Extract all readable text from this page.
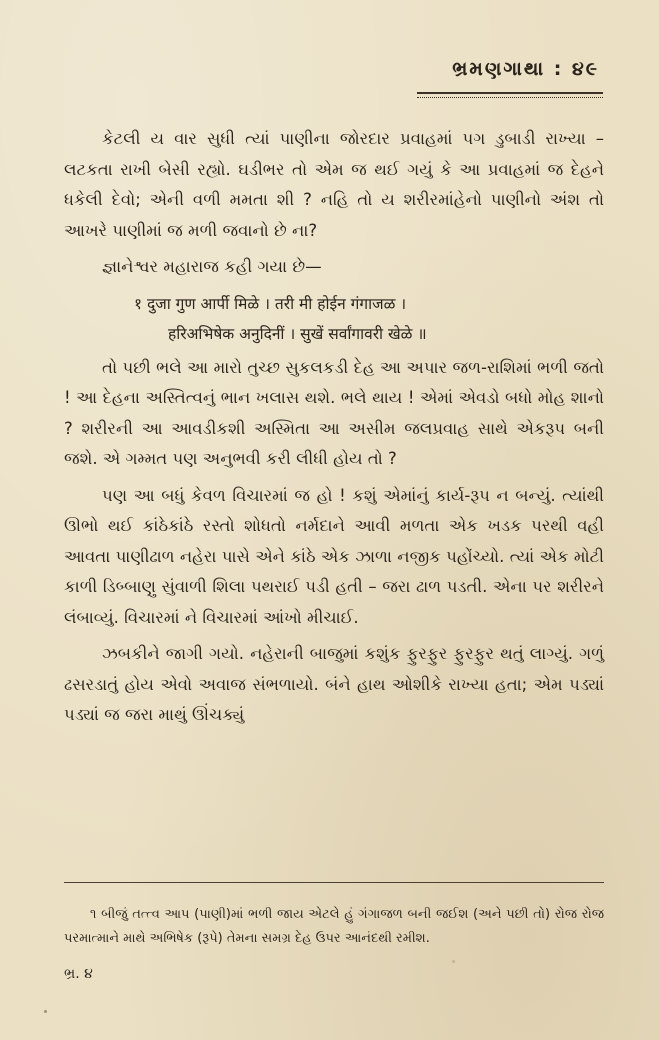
ભ્રમણગાથા : ૪૯

કેટલી ય વાર સુધી ત્યાં પાણીના જોરદાર પ્રવાહમાં પગ ડુબાડી રાખ્યા – લટકતા રાખી બેસી રહ્યો. ઘડીભર તો એમ જ થઈ ગયું કે આ પ્રવાહમાં જ દેહને ધકેલી દેવો; એની વળી મમતા શી ? નહિ તો ય શરીરમાંહેનો પાણીનો અંશ તો આખરે પાણીમાં જ મળી જવાનો છે ના?

જ્ઞાનેશ્વર મહારાજ કહી ગયા છે—

१ दुजा गुण आर्पी मिळे । तरी मी होईन गंगाजळ ।
हरिअभिषेक अनुदिनीं । सुखें सर्वांगावरी खेळे ॥

તો પછી ભલે આ મારો તુચ્છ સુકલકડી દેહ આ અપાર જળ-રાશિમાં ભળી જતો ! આ દેહના અસ્તિત્વનું ભાન ખલાસ થશે. ભલે થાય ! એમાં એવડો બધો મોહ શાનો ? શરીરની આ આવડીકશી અસ્મિતા આ અસીમ જલપ્રવાહ સાથે એકરૂપ બની જશે. એ ગમ્મત પણ અનુભવી કરી લીધી હોય તો ?

પણ આ બધું કેવળ વિચારમાં જ હો ! કશું એમાંનું કાર્ય-રૂપ ન બન્યું. ત્યાંથી ઊભો થઈ કાંઠેકાંઠે રસ્તો શોધતો નર્મદાને આવી મળતા એક ખડક પરથી વહી આવતા પાણીઢાળ નહેરા પાસે એને કાંઠે એક ઝાળા નજીક પહોંચ્યો. ત્યાં એક મોટી કાળી ડિબ્બાણુ સુંવાળી શિલા પથરાઈ પડી હતી – જરા ઢાળ પડતી. એના પર શરીરને લંબાવ્યું. વિચારમાં ને વિચારમાં આંખો મીચાઈ.

ઝબકીને જાગી ગયો. નહેરાની બાજુમાં કશુંક ફુરફુર ફુરફુર થતું લાગ્યું. ગળું ઢસરડાતું હોય એવો અવાજ સંભળાયો. બંને હાથ ઓશીકે રાખ્યા હતા; એમ પડ્યાં પડ્યાં જ જરા માથું ઊંચક્યું

૧ બીજું તત્ત્વ આપ (પાણી)માં ભળી જાય એટલે હું ગંગાજળ બની જઈશ (અને પછી તો) રોજ રોજ પરમાત્માને માથે અભિષેક (રૂપે) તેમના સમગ્ર દેહ ઉપર આનંદથી રમીશ.

ભ્ર. ૪
